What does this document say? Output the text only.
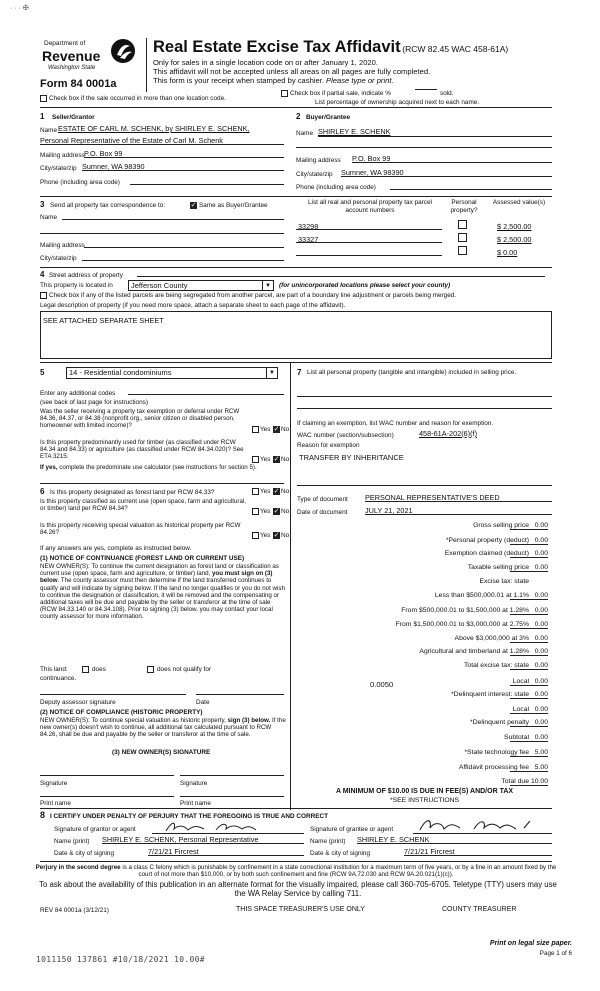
· · · ✠
Department of
Revenue
Washington State
Form 84 0001a
Real Estate Excise Tax Affidavit (RCW 82.45 WAC 458-61A)
Only for sales in a single location code on or after January 1, 2020.
This affidavit will not be accepted unless all areas on all pages are fully completed.
This form is your receipt when stamped by cashier. Please type or print.
Check box if the sale occurred in more than one location code.
Check box if partial sale, indicate %	sold.
List percentage of ownership acquired next to each name.
1 Seller/Grantor
Name ESTATE OF CARL M. SCHENK, by SHIRLEY E. SCHENK,
Personal Representative of the Estate of Carl M. Schenk
Mailing address P.O. Box 99
City/state/zip Sumner, WA 98390
Phone (including area code)
2 Buyer/Grantee
Name SHIRLEY E. SCHENK
Mailing address P.O. Box 99
City/state/zip Sumner, WA 98390
Phone (including area code)
3 Send all property tax correspondence to:	✓ Same as Buyer/Grantee
Name
Mailing address
City/state/zip
List all real and personal property tax parcel account numbers
Personal property?
Assessed value(s)
33298	$ 2,500.00
33327	$ 2,500.00
$ 0.00
4 Street address of property
This property is located in	Jefferson County	▼	(for unincorporated locations please select your county)
Check box if any of the listed parcels are being segregated from another parcel, are part of a boundary line adjustment or parcels being merged.
Legal description of property (if you need more space, attach a separate sheet to each page of the affidavit).
SEE ATTACHED SEPARATE SHEET
5	14 - Residential condominiums	▼
Enter any additional codes
(see back of last page for instructions)
Was the seller receiving a property tax exemption or deferral under RCW 84.36, 84.37, or 84.38 (nonprofit org., senior citizen or disabled person, homeowner with limited income)?
Yes ✓ No
Is this property predominantly used for timber (as classified under RCW 84.34 and 84.33) or agriculture (as classified under RCW 84.34.020)? See ETA 3215.	Yes ✓ No
If yes, complete the predominate use calculator (see instructions for section 5).
6 Is this property designated as forest land per RCW 84.33?	Yes ✓ No
Is this property classified as current use (open space, farm and agricultural, or timber) land per RCW 84.34?	Yes ✓ No
Is this property receiving special valuation as historical property per RCW 84.26?	Yes ✓ No
If any answers are yes, complete as instructed below.
(1) NOTICE OF CONTINUANCE (FOREST LAND OR CURRENT USE)
NEW OWNER(S): To continue the current designation as forest land or classification as current use (open space, farm and agriculture, or timber) land, you must sign on (3) below. The county assessor must then determine if the land transferred continues to qualify and will indicate by signing below. If the land no longer qualifies or you do not wish to continue the designation or classification, it will be removed and the compensating or additional taxes will be due and payable by the seller or transferor at the time of sale (RCW 84.33.140 or 84.34.108). Prior to signing (3) below, you may contact your local county assessor for more information.
This land:	does	does not qualify for
continuance.
Deputy assessor signature	Date
(2) NOTICE OF COMPLIANCE (HISTORIC PROPERTY)
NEW OWNER(S): To continue special valuation as historic property, sign (3) below. If the new owner(s) doesn't wish to continue, all additional tax calculated pursuant to RCW 84.26, shall be due and payable by the seller or transferor at the time of sale.
(3) NEW OWNER(S) SIGNATURE
Signature	Signature
Print name	Print name
7 List all personal property (tangible and intangible) included in selling price.
If claiming an exemption, list WAC number and reason for exemption.
WAC number (section/subsection)	458-61A-202(6)(f)
Reason for exemption
TRANSFER BY INHERITANCE
Type of document PERSONAL REPRESENTATIVE'S DEED
Date of document JULY 21, 2021
Gross selling price 0.00
*Personal property (deduct) 0.00
Exemption claimed (deduct) 0.00
Taxable selling price 0.00
Excise tax: state
Less than $500,000.01 at 1.1% 0.00
From $500,000.01 to $1,500,000 at 1.28% 0.00
From $1,500,000.01 to $3,000,000 at 2.75% 0.00
Above $3,000,000 at 3% 0.00
Agricultural and timberland at 1.28% 0.00
Total excise tax: state 0.00
Local 0.00
*Delinquent interest: state 0.00
Local 0.00
*Delinquent penalty 0.00
Subtotal 0.00
*State technology fee 5.00
Affidavit processing fee 5.00
Total due 10.00
0.0050
A MINIMUM OF $10.00 IS DUE IN FEE(S) AND/OR TAX
*SEE INSTRUCTIONS
8 I CERTIFY UNDER PENALTY OF PERJURY THAT THE FOREGOING IS TRUE AND CORRECT
Signature of grantor or agent
Name (print) SHIRLEY E. SCHENK, Personal Representative
Date & city of signing	7/21/21 Fircrest
Signature of grantee or agent
Name (print) SHIRLEY E. SCHENK
Date & city of signing	7/21/21 Fircrest
Perjury in the second degree is a class C felony which is punishable by confinement in a state correctional institution for a maximum term of five years, or by a fine in an amount fixed by the court of not more than $10,000, or by both such confinement and fine (RCW 9A.72.030 and RCW 9A.20.021(1)(c)).
To ask about the availability of this publication in an alternate format for the visually impaired, please call 360-705-6705. Teletype (TTY) users may use the WA Relay Service by calling 711.
REV 84 0001a (3/12/21)	THIS SPACE TREASURER'S USE ONLY	COUNTY TREASURER
Print on legal size paper.
Page 1 of 6
1011150 137861 #10/18/2021 10.00#
